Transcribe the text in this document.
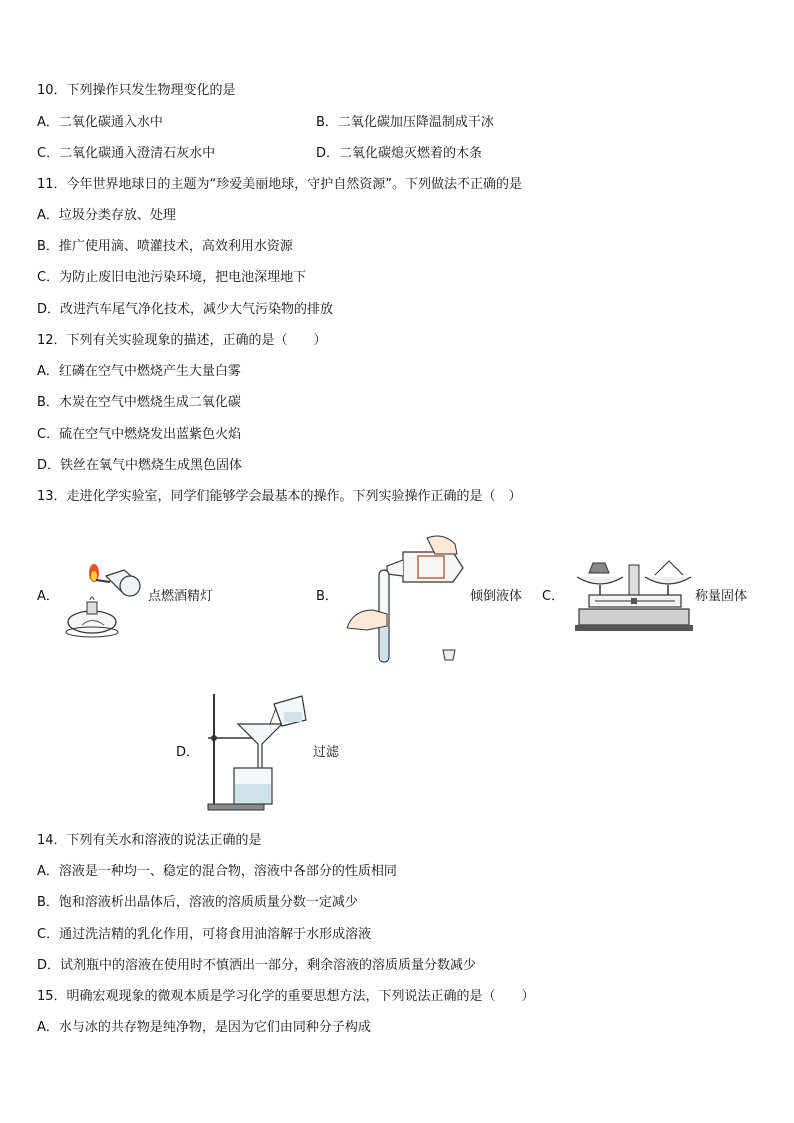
10．下列操作只发生物理变化的是
A．二氧化碳通入水中	B．二氧化碳加压降温制成干冰
C．二氧化碳通入澄清石灰水中	D．二氧化碳熄灭燃着的木条
11．今年世界地球日的主题为“珍爱美丽地球，守护自然资源”。下列做法不正确的是
A．垃圾分类存放、处理
B．推广使用滴、喷灌技术，高效利用水资源
C．为防止废旧电池污染环境，把电池深埋地下
D．改进汽车尾气净化技术，减少大气污染物的排放
12．下列有关实验现象的描述，正确的是（　　）
A．红磷在空气中燃烧产生大量白雾
B．木炭在空气中燃烧生成二氧化碳
C．硫在空气中燃烧发出蓝紫色火焰
D．铁丝在氧气中燃烧生成黑色固体
13．走进化学实验室，同学们能够学会最基本的操作。下列实验操作正确的是（　）
A．	点燃酒精灯	B．	倾倒液体 C．	称量固体
D．	过滤
14．下列有关水和溶液的说法正确的是
A．溶液是一种均一、稳定的混合物，溶液中各部分的性质相同
B．饱和溶液析出晶体后，溶液的溶质质量分数一定减少
C．通过洗洁精的乳化作用，可将食用油溶解于水形成溶液
D．试剂瓶中的溶液在使用时不慎洒出一部分，剩余溶液的溶质质量分数减少
15．明确宏观现象的微观本质是学习化学的重要思想方法，下列说法正确的是（　　）
A．水与冰的共存物是纯净物，是因为它们由同种分子构成
